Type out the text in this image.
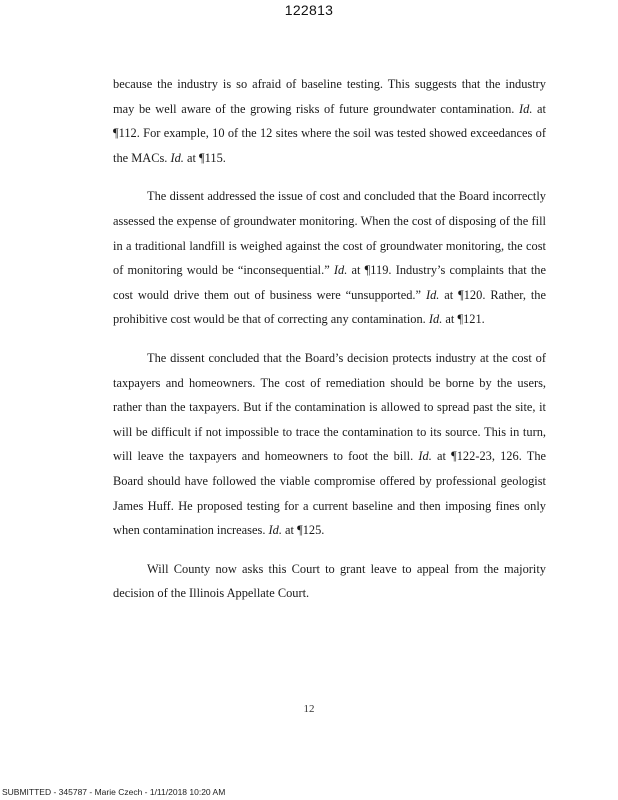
122813

because the industry is so afraid of baseline testing. This suggests that the industry may be well aware of the growing risks of future groundwater contamination. Id. at ¶112. For example, 10 of the 12 sites where the soil was tested showed exceedances of the MACs. Id. at ¶115.

The dissent addressed the issue of cost and concluded that the Board incorrectly assessed the expense of groundwater monitoring. When the cost of disposing of the fill in a traditional landfill is weighed against the cost of groundwater monitoring, the cost of monitoring would be “inconsequential.” Id. at ¶119. Industry’s complaints that the cost would drive them out of business were “unsupported.” Id. at ¶120. Rather, the prohibitive cost would be that of correcting any contamination. Id. at ¶121.

The dissent concluded that the Board’s decision protects industry at the cost of taxpayers and homeowners. The cost of remediation should be borne by the users, rather than the taxpayers. But if the contamination is allowed to spread past the site, it will be difficult if not impossible to trace the contamination to its source. This in turn, will leave the taxpayers and homeowners to foot the bill. Id. at ¶122-23, 126. The Board should have followed the viable compromise offered by professional geologist James Huff. He proposed testing for a current baseline and then imposing fines only when contamination increases. Id. at ¶125.

Will County now asks this Court to grant leave to appeal from the majority decision of the Illinois Appellate Court.

12
SUBMITTED - 345787 - Marie Czech - 1/11/2018 10:20 AM
